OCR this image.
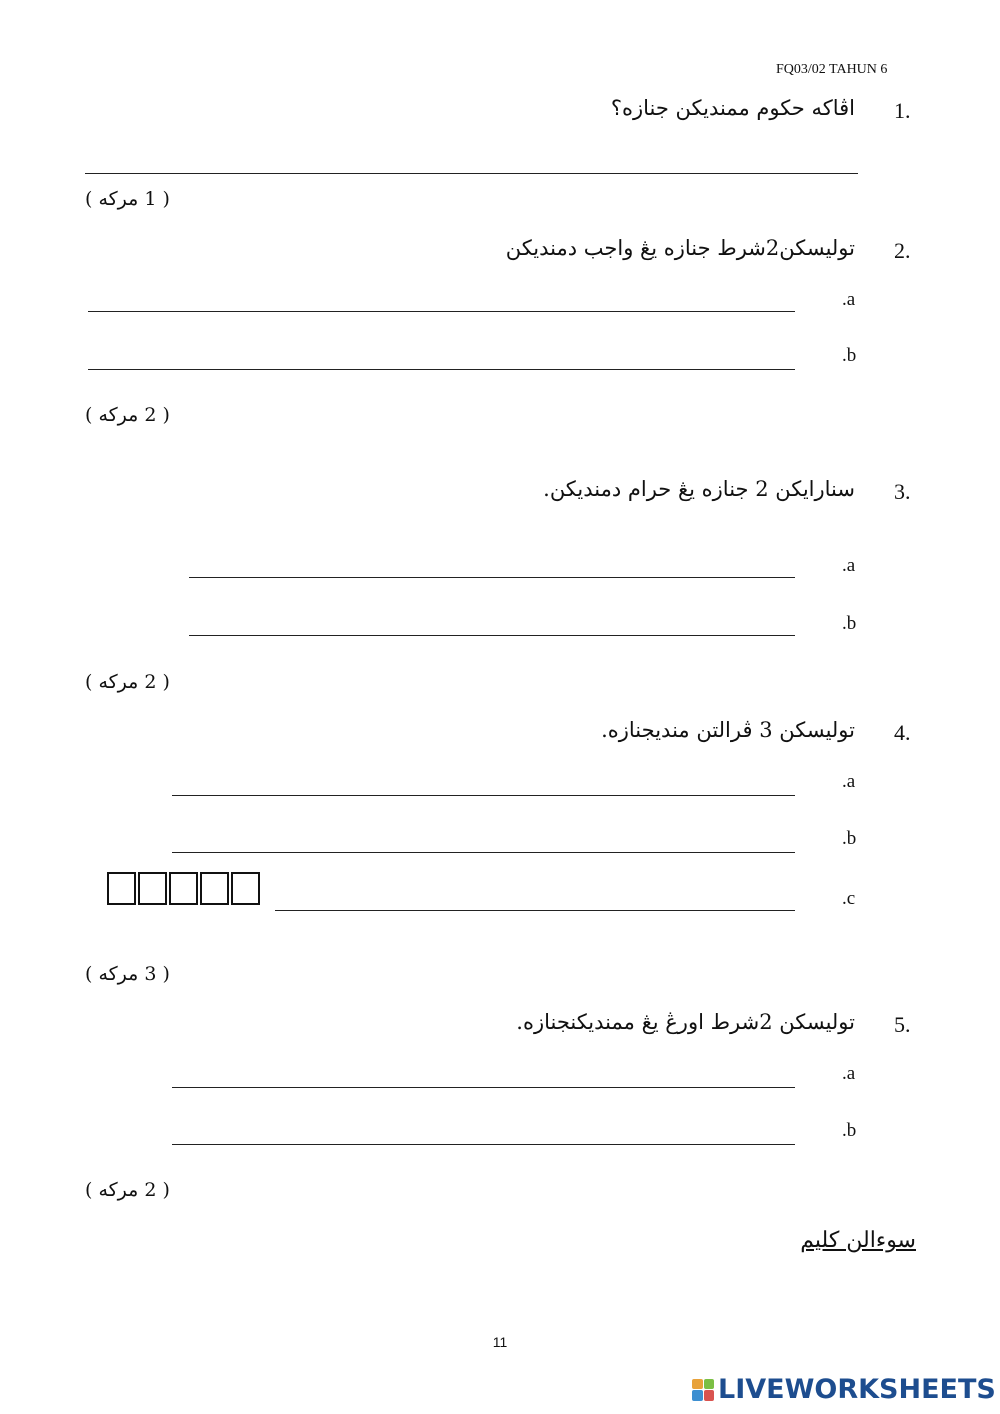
FQ03/02 TAHUN 6
1.
اڤاكه حكوم ممنديكن جنازه؟
( 1 مركه )
2.
توليسكن2شرط جنازه يڠ واجب دمنديكن
.a
.b
( 2 مركه )
3.
سنارايكن 2 جنازه يڠ حرام دمنديكن.
.a
.b
( 2 مركه )
4.
توليسكن 3 ڤرالتن منديجنازه.
.a
.b
.c
( 3 مركه )
5.
توليسكن 2شرط اورڠ يڠ ممنديكنجنازه.
.a
.b
( 2 مركه )
سوءالن كليم
11
LIVEWORKSHEETS
